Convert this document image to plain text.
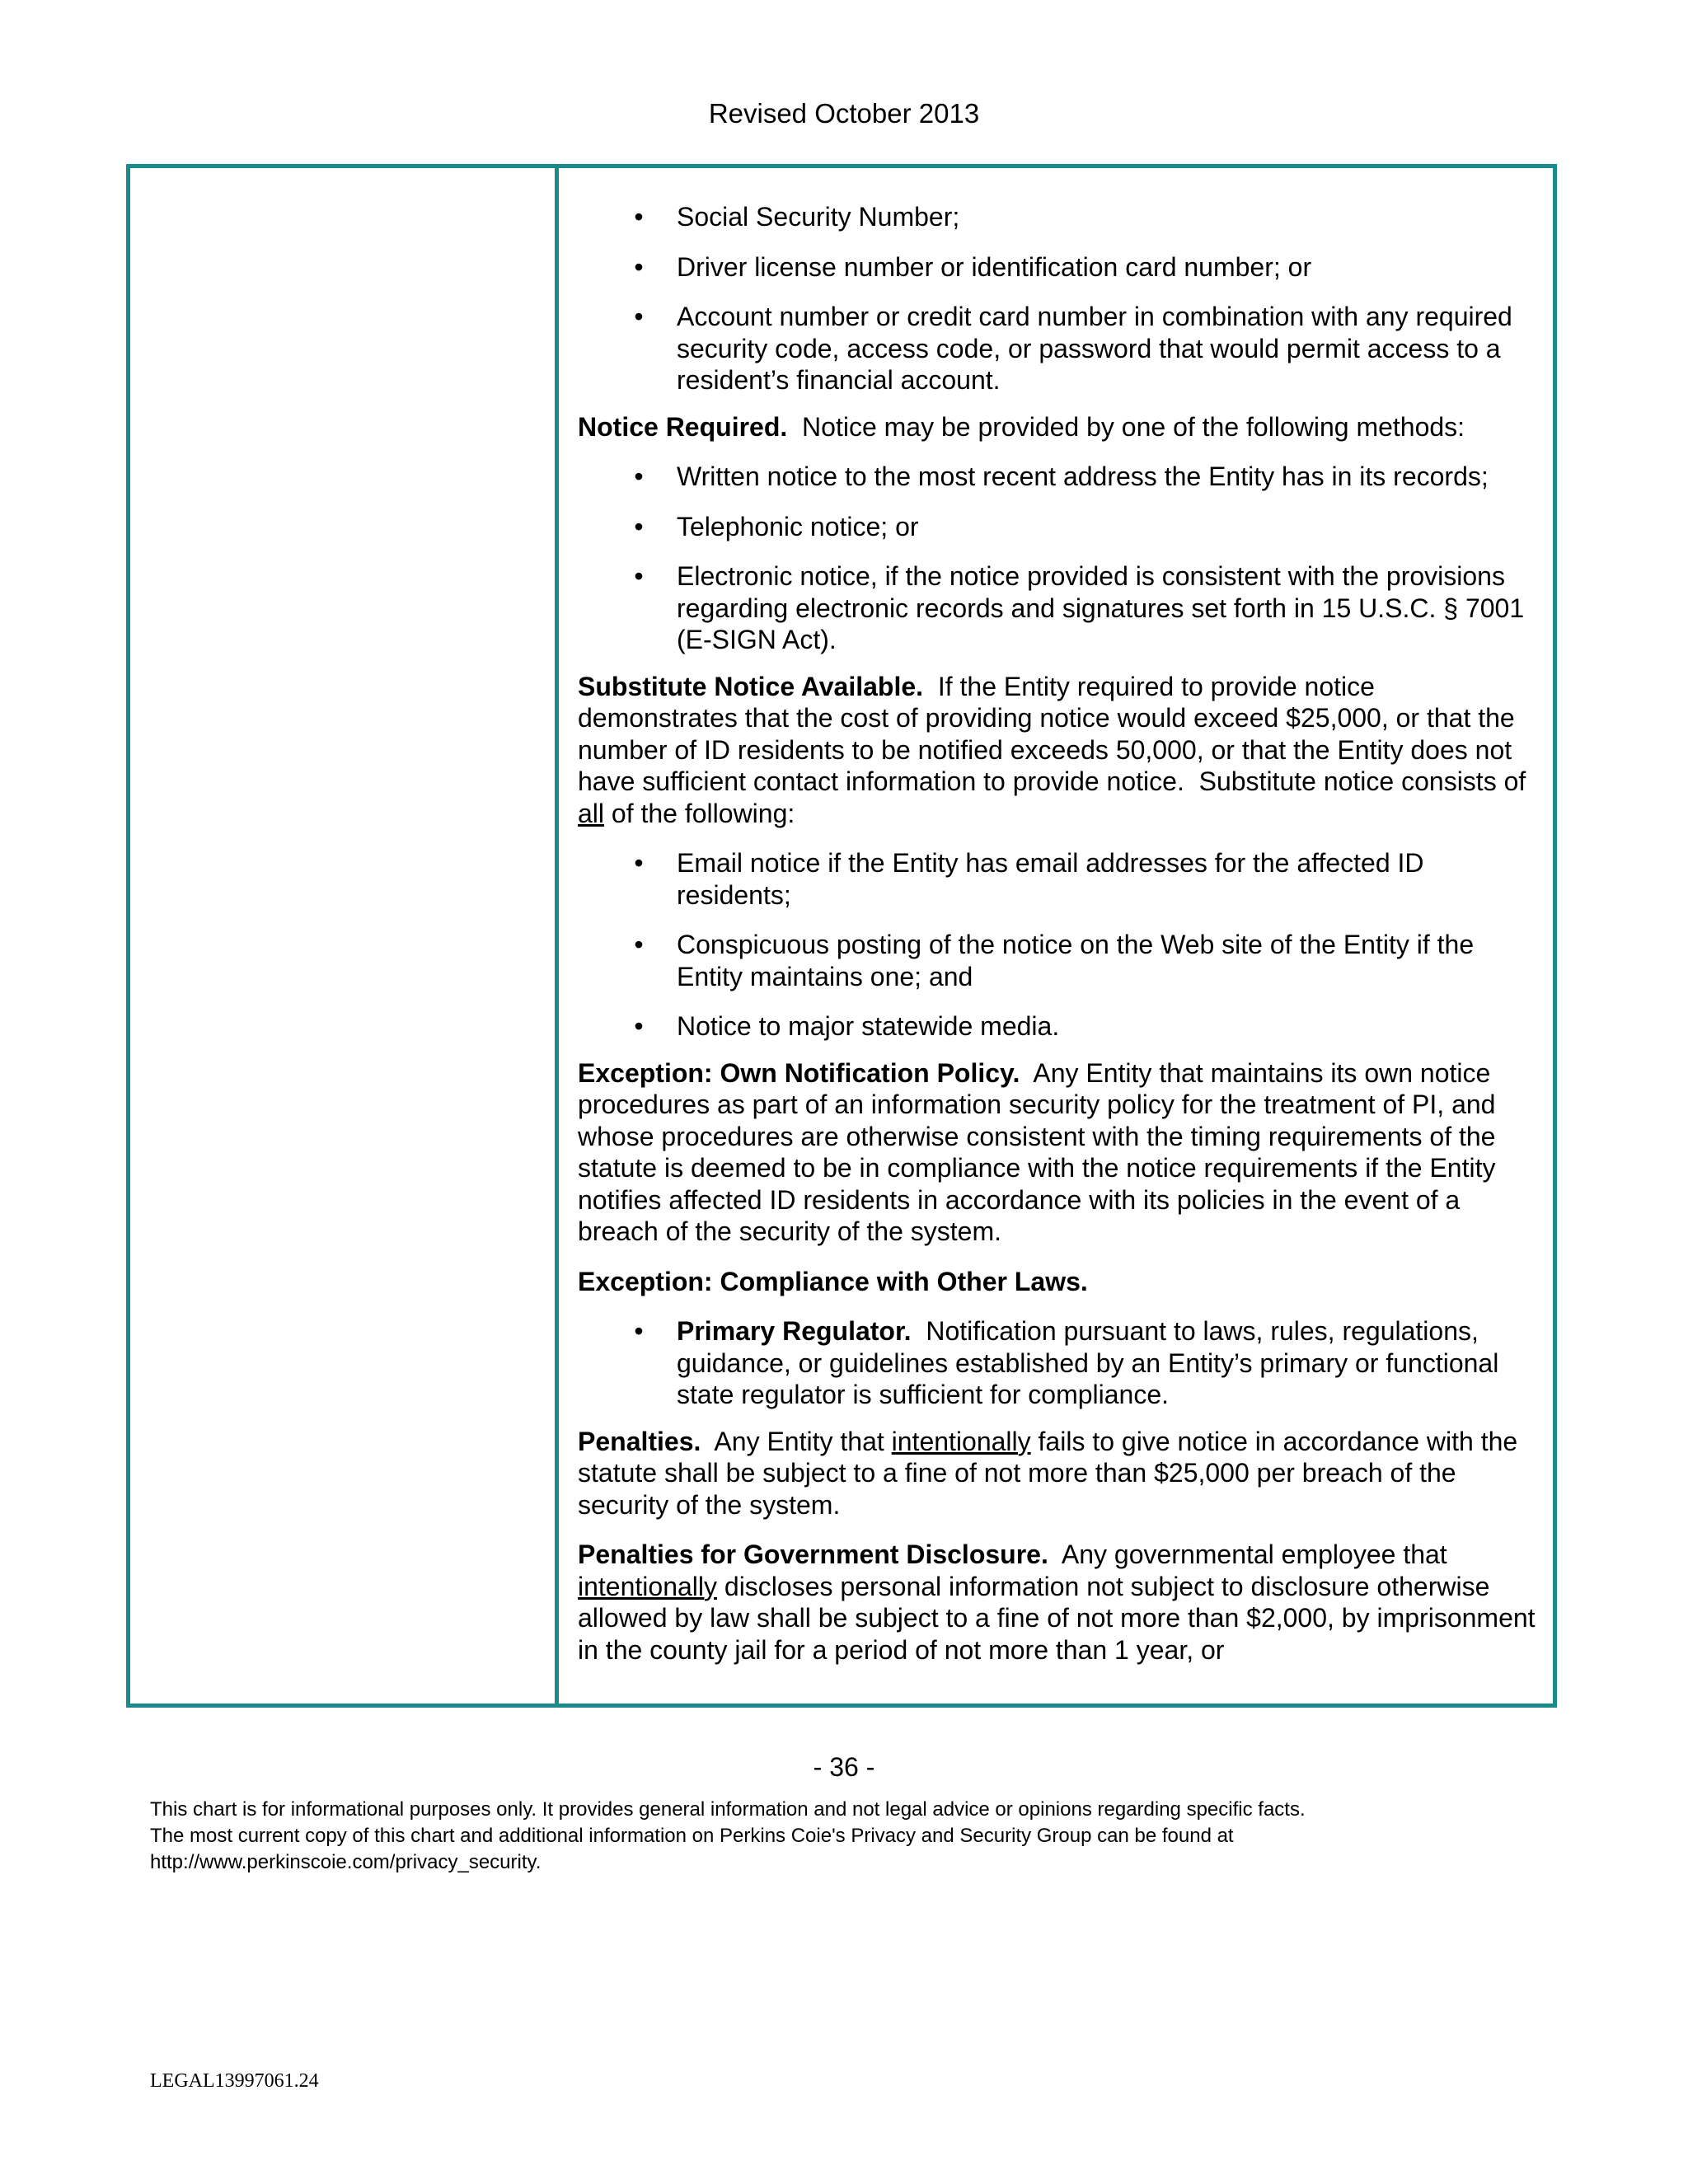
Revised October 2013
• Social Security Number;
• Driver license number or identification card number; or
• Account number or credit card number in combination with any required security code, access code, or password that would permit access to a resident’s financial account.

Notice Required.  Notice may be provided by one of the following methods:

• Written notice to the most recent address the Entity has in its records;
• Telephonic notice; or
• Electronic notice, if the notice provided is consistent with the provisions regarding electronic records and signatures set forth in 15 U.S.C. § 7001 (E-SIGN Act).

Substitute Notice Available.  If the Entity required to provide notice demonstrates that the cost of providing notice would exceed $25,000, or that the number of ID residents to be notified exceeds 50,000, or that the Entity does not have sufficient contact information to provide notice.  Substitute notice consists of all of the following:

• Email notice if the Entity has email addresses for the affected ID residents;
• Conspicuous posting of the notice on the Web site of the Entity if the Entity maintains one; and
• Notice to major statewide media.

Exception: Own Notification Policy.  Any Entity that maintains its own notice procedures as part of an information security policy for the treatment of PI, and whose procedures are otherwise consistent with the timing requirements of the statute is deemed to be in compliance with the notice requirements if the Entity notifies affected ID residents in accordance with its policies in the event of a breach of the security of the system.

Exception: Compliance with Other Laws.

• Primary Regulator.  Notification pursuant to laws, rules, regulations, guidance, or guidelines established by an Entity’s primary or functional state regulator is sufficient for compliance.

Penalties.  Any Entity that intentionally fails to give notice in accordance with the statute shall be subject to a fine of not more than $25,000 per breach of the security of the system.

Penalties for Government Disclosure.  Any governmental employee that intentionally discloses personal information not subject to disclosure otherwise allowed by law shall be subject to a fine of not more than $2,000, by imprisonment in the county jail for a period of not more than 1 year, or

- 36 -
This chart is for informational purposes only. It provides general information and not legal advice or opinions regarding specific facts.
The most current copy of this chart and additional information on Perkins Coie's Privacy and Security Group can be found at
http://www.perkinscoie.com/privacy_security.
LEGAL13997061.24
